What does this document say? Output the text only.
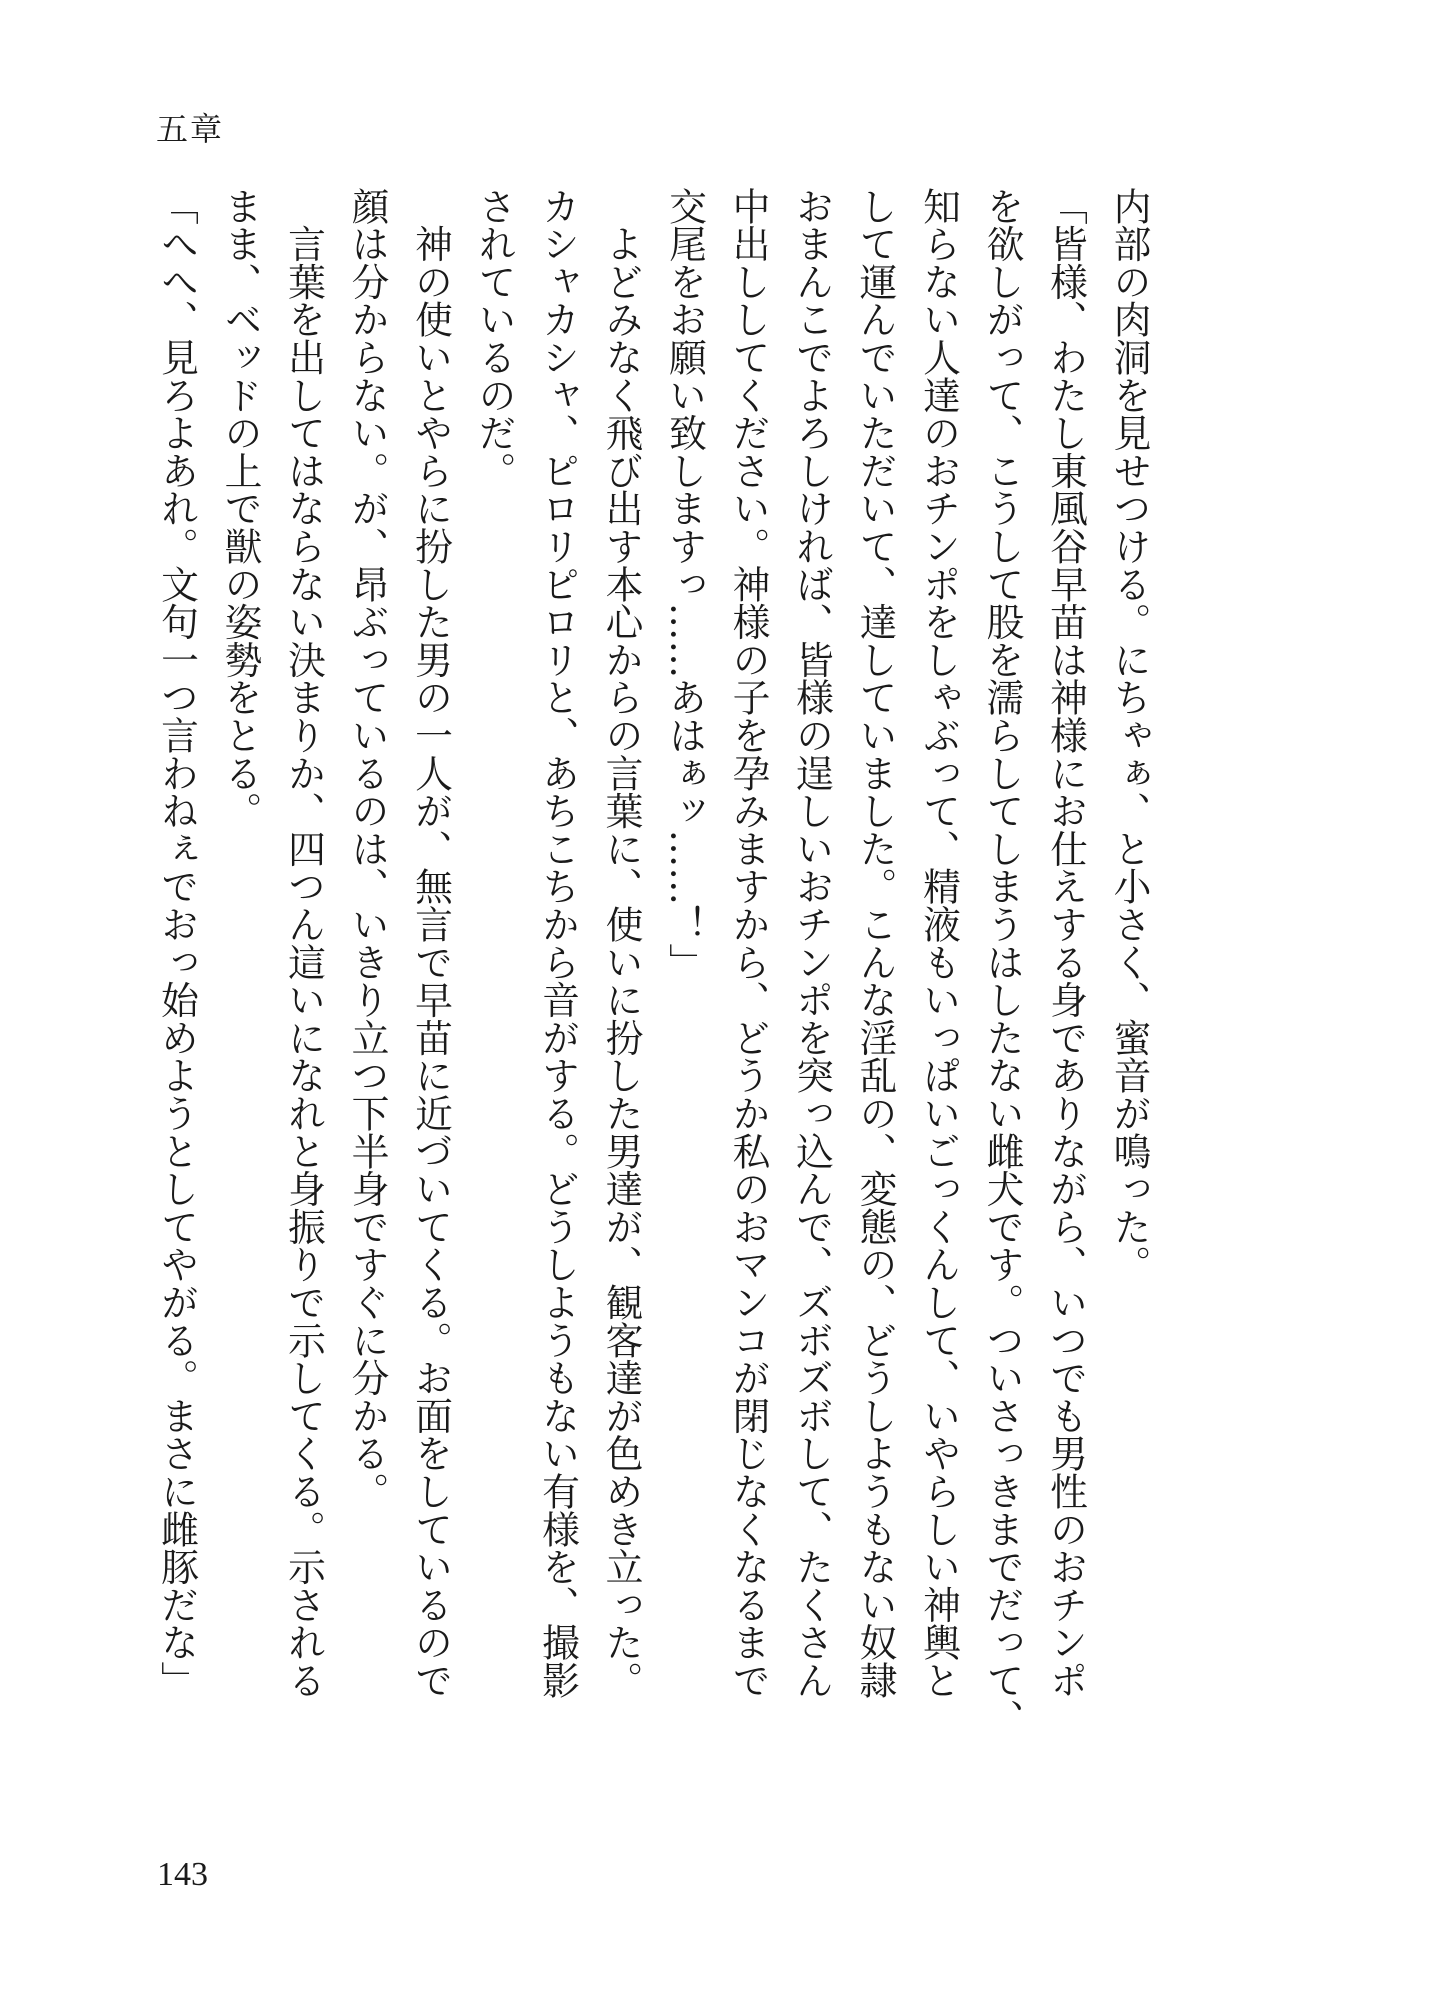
五章
内部の肉洞を見せつける。にちゃぁ、と小さく、蜜音が鳴った。
「皆様、わたし東風谷早苗は神様にお仕えする身でありながら、いつでも男性のおチンポ
を欲しがって、こうして股を濡らしてしまうはしたない雌犬です。ついさっきまでだって、
知らない人達のおチンポをしゃぶって、精液もいっぱいごっくんして、いやらしい神輿と
して運んでいただいて、達していました。こんな淫乱の、変態の、どうしようもない奴隷
おまんこでよろしければ、皆様の逞しいおチンポを突っ込んで、ズボズボして、たくさん
中出ししてください。神様の子を孕みますから、どうか私のおマンコが閉じなくなるまで
交尾をお願い致しますっ……あはぁッ……！」
　よどみなく飛び出す本心からの言葉に、使いに扮した男達が、観客達が色めき立った。
カシャカシャ、ピロリピロリと、あちこちから音がする。どうしようもない有様を、撮影
されているのだ。
　神の使いとやらに扮した男の一人が、無言で早苗に近づいてくる。お面をしているので
顔は分からない。が、昂ぶっているのは、いきり立つ下半身ですぐに分かる。
　言葉を出してはならない決まりか、四つん這いになれと身振りで示してくる。示される
まま、ベッドの上で獣の姿勢をとる。
「へへ、見ろよあれ。文句一つ言わねぇでおっ始めようとしてやがる。まさに雌豚だな」
143
